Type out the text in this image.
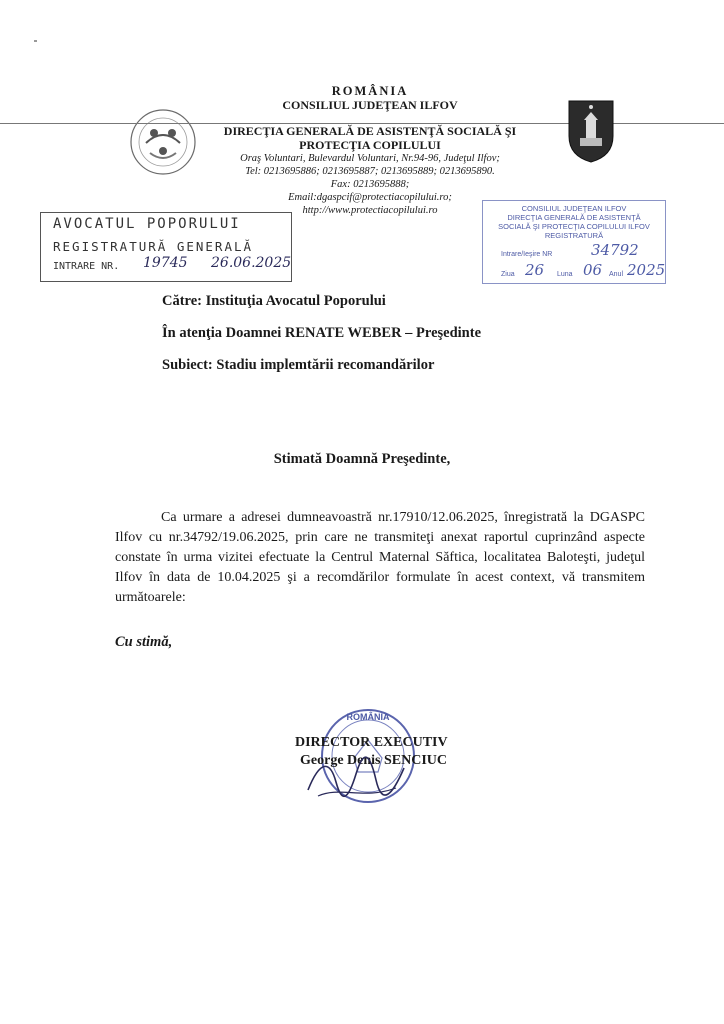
ROMÂNIA
CONSILIUL JUDEŢEAN ILFOV
DIRECŢIA GENERALĂ DE ASISTENŢĂ SOCIALĂ ŞI
PROTECŢIA COPILULUI
Oraş Voluntari, Bulevardul Voluntari, Nr.94-96, Judeţul Ilfov;
Tel: 0213695886; 0213695887; 0213695889; 0213695890.
Fax: 0213695888;
Email:dgaspcif@protectiacopilului.ro;
http://www.protectiacopilului.ro
AVOCATUL POPORULUI
REGISTRATURĂ GENERALĂ
INTRARE NR. 19745 26.06.2025
CONSILIUL JUDEŢEAN ILFOV
DIRECŢIA GENERALĂ DE ASISTENŢĂ
SOCIALĂ ŞI PROTECŢIA COPILULUI ILFOV
REGISTRATURĂ
Intrare/Ieşire NR	34792
Ziua 26 Luna 06 Anul 2025
Către: Instituţia Avocatul Poporului
În atenţia Doamnei RENATE WEBER – Preşedinte
Subiect: Stadiu implemtării recomandărilor
Stimată Doamnă Preşedinte,
Ca urmare a adresei dumneavoastră nr.17910/12.06.2025, înregistrată la DGASPC Ilfov cu nr.34792/19.06.2025, prin care ne transmiteţi anexat raportul cuprinzând aspecte constate în urma vizitei efectuate la Centrul Maternal Săftica, localitatea Baloteşti, judeţul Ilfov în data de 10.04.2025 şi a recomdărilor formulate în acest context, vă transmitem următoarele:
Cu stimă,
ROMÂNIA
DIRECTOR EXECUTIV
George Denis SENCIUC
